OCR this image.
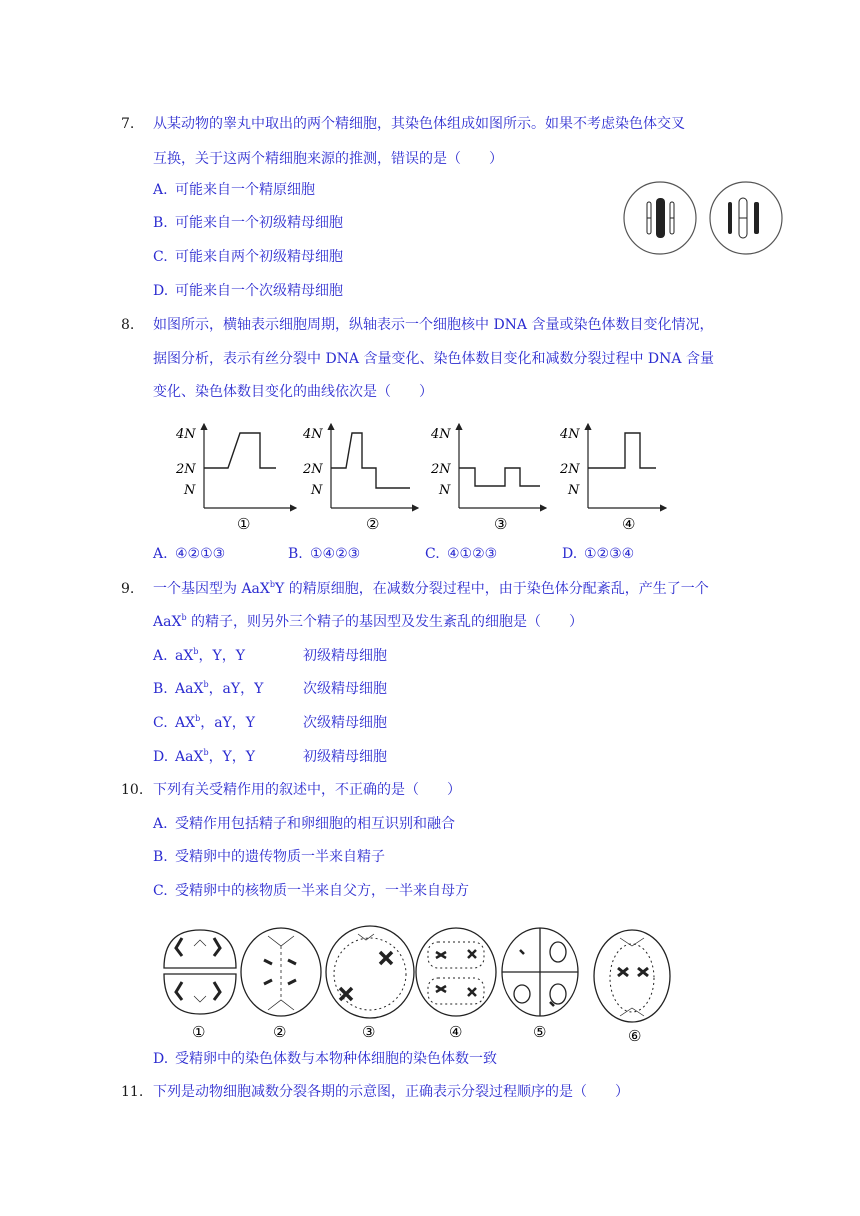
7. 从某动物的睾丸中取出的两个精细胞，其染色体组成如图所示。如果不考虑染色体交叉
互换，关于这两个精细胞来源的推测，错误的是（　　）
A. 可能来自一个精原细胞
B. 可能来自一个初级精母细胞
C. 可能来自两个初级精母细胞
D. 可能来自一个次级精母细胞
8. 如图所示，横轴表示细胞周期，纵轴表示一个细胞核中 DNA 含量或染色体数目变化情况，
据图分析，表示有丝分裂中 DNA 含量变化、染色体数目变化和减数分裂过程中 DNA 含量
变化、染色体数目变化的曲线依次是（　　）
4N
2N
N
①
4N
2N
N
②
4N
2N
N
③
4N
2N
N
④
A. ④②①③	B. ①④②③	C. ④①②③	D. ①②③④
9. 一个基因型为 AaX$^b$Y 的精原细胞，在减数分裂过程中，由于染色体分配紊乱，产生了一个
AaX$^b$ 的精子，则另外三个精子的基因型及发生紊乱的细胞是（　　）
A. $aX^b$，Y，Y	初级精母细胞
B. AaX$^b$，aY，Y	次级精母细胞
C. $AX^b$，aY，Y	次级精母细胞
D. AaX$^b$，Y，Y	初级精母细胞
10. 下列有关受精作用的叙述中，不正确的是（　　）
A. 受精作用包括精子和卵细胞的相互识别和融合
B. 受精卵中的遗传物质一半来自精子
C. 受精卵中的核物质一半来自父方，一半来自母方
①	②	③	④	⑤	⑥
D. 受精卵中的染色体数与本物种体细胞的染色体数一致
11. 下列是动物细胞减数分裂各期的示意图，正确表示分裂过程顺序的是（　　）
